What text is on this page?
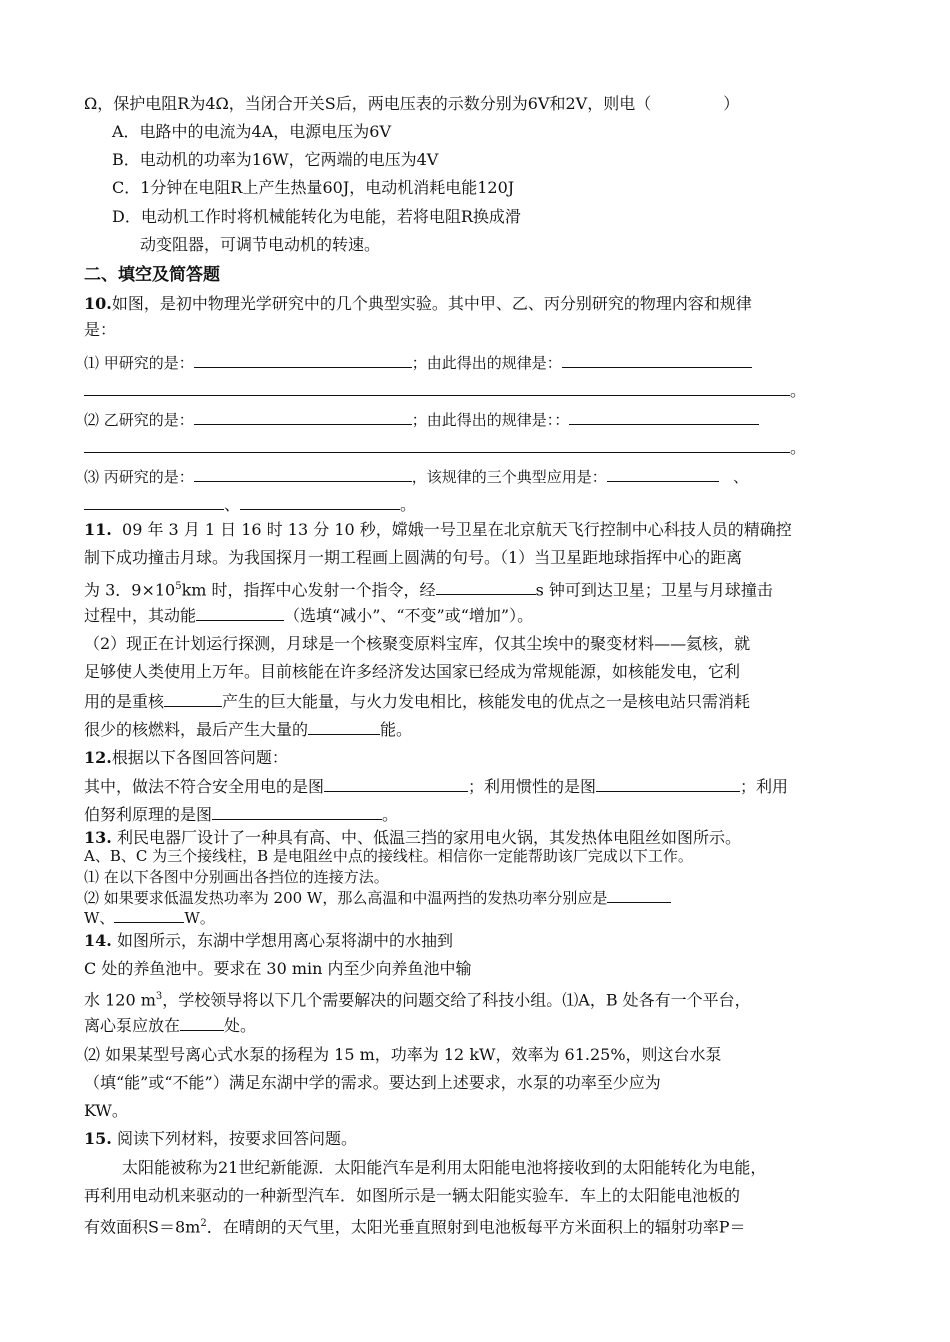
Ω，保护电阻R为4Ω，当闭合开关S后，两电压表的示数分别为6V和2V，则电（	）
A．电路中的电流为4A，电源电压为6V
B．电动机的功率为16W，它两端的电压为4V
C．1分钟在电阻R上产生热量60J，电动机消耗电能120J
D．电动机工作时将机械能转化为电能，若将电阻R换成滑
动变阻器，可调节电动机的转速。
二、填空及简答题
10.如图，是初中物理光学研究中的几个典型实验。其中甲、乙、丙分别研究的物理内容和规律
是：
⑴ 甲研究的是：	；由此得出的规律是：
。
⑵ 乙研究的是：	；由此得出的规律是：：
。
⑶ 丙研究的是：	，该规律的三个典型应用是：	、
、	。
11. 09 年 3 月 1 日 16 时 13 分 10 秒，嫦娥一号卫星在北京航天飞行控制中心科技人员的精确控
制下成功撞击月球。为我国探月一期工程画上圆满的句号。（1）当卫星距地球指挥中心的距离
为 3．$9\times 10^5km$ 时，指挥中心发射一个指令，经	s 钟可到达卫星；卫星与月球撞击
过程中，其动能	（选填“减小”、“不变”或“增加”）。
（2）现正在计划运行探测，月球是一个核聚变原料宝库，仅其尘埃中的聚变材料——氦核，就
足够使人类使用上万年。目前核能在许多经济发达国家已经成为常规能源，如核能发电，它利
用的是重核	产生的巨大能量，与火力发电相比，核能发电的优点之一是核电站只需消耗
很少的核燃料，最后产生大量的	能。
12.根据以下各图回答问题：
其中，做法不符合安全用电的是图	；利用惯性的是图	；利用
伯努利原理的是图	。
13. 利民电器厂设计了一种具有高、中、低温三挡的家用电火锅，其发热体电阻丝如图所示。
A、B、C 为三个接线柱，B 是电阻丝中点的接线柱。相信你一定能帮助该厂完成以下工作。
⑴ 在以下各图中分别画出各挡位的连接方法。
⑵ 如果要求低温发热功率为 200 W，那么高温和中温两挡的发热功率分别应是
W、	W。
14. 如图所示，东湖中学想用离心泵将湖中的水抽到
C 处的养鱼池中。要求在 30 min 内至少向养鱼池中输
水 120 $m^3$，学校领导将以下几个需要解决的问题交给了科技小组。⑴A，B 处各有一个平台，
离心泵应放在	处。
⑵ 如果某型号离心式水泵的扬程为 15 m，功率为 12 kW，效率为 61.25%，则这台水泵
（填“能”或“不能”）满足东湖中学的需求。要达到上述要求，水泵的功率至少应为
KW。
15. 阅读下列材料，按要求回答问题。
太阳能被称为21世纪新能源．太阳能汽车是利用太阳能电池将接收到的太阳能转化为电能，
再利用电动机来驱动的一种新型汽车．如图所示是一辆太阳能实验车．车上的太阳能电池板的
有效面积$S=8m^2$．在晴朗的天气里，太阳光垂直照射到电池板每平方米面积上的辐射功率P＝
